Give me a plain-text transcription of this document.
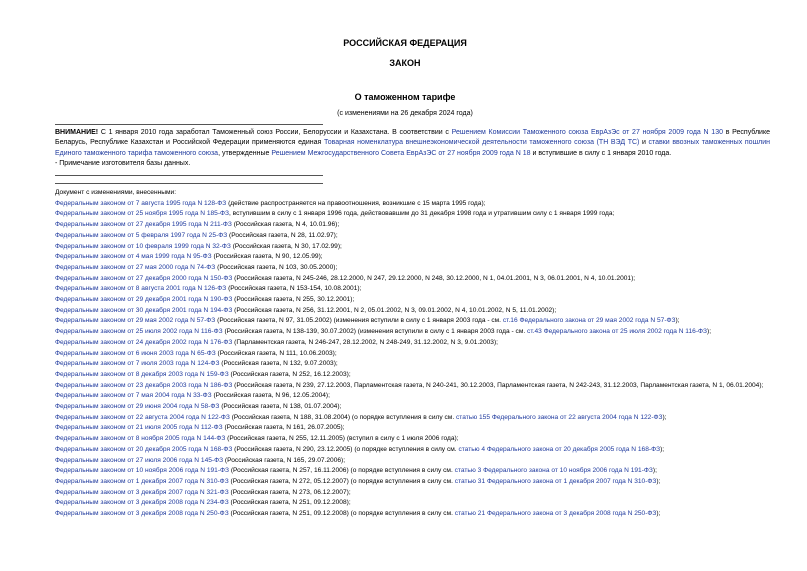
РОССИЙСКАЯ ФЕДЕРАЦИЯ
ЗАКОН
О таможенном тарифе
(с изменениями на 26 декабря 2024 года)
ВНИМАНИЕ! С 1 января 2010 года заработал Таможенный союз России, Белоруссии и Казахстана. В соответствии с Решением Комиссии Таможенного союза ЕврАзЭс от 27 ноября 2009 года N 130 в Республике Беларусь, Республике Казахстан и Российской Федерации применяются единая Товарная номенклатура внешнеэкономической деятельности таможенного союза (ТН ВЭД ТС) и ставки ввозных таможенных пошлин Единого таможенного тарифа таможенного союза, утвержденные Решением Межгосударственного Совета ЕврАзЭС от 27 ноября 2009 года N 18 и вступившие в силу с 1 января 2010 года.
- Примечание изготовителя базы данных.
Документ с изменениями, внесенными:
Федеральным законом от 7 августа 1995 года N 128-ФЗ (действие распространяется на правоотношения, возникшие с 15 марта 1995 года);
Федеральным законом от 25 ноября 1995 года N 185-ФЗ, вступившим в силу с 1 января 1996 года, действовавшим до 31 декабря 1998 года и утратившим силу с 1 января 1999 года;
Федеральным законом от 27 декабря 1995 года N 211-ФЗ (Российская газета, N 4, 10.01.96);
Федеральным законом от 5 февраля 1997 года N 25-ФЗ (Российская газета, N 28, 11.02.97);
Федеральным законом от 10 февраля 1999 года N 32-ФЗ (Российская газета, N 30, 17.02.99);
Федеральным законом от 4 мая 1999 года N 95-ФЗ (Российская газета, N 90, 12.05.99);
Федеральным законом от 27 мая 2000 года N 74-ФЗ (Российская газета, N 103, 30.05.2000);
Федеральным законом от 27 декабря 2000 года N 150-ФЗ (Российская газета, N 245-246, 28.12.2000, N 247, 29.12.2000, N 248, 30.12.2000, N 1, 04.01.2001, N 3, 06.01.2001, N 4, 10.01.2001);
Федеральным законом от 8 августа 2001 года N 126-ФЗ (Российская газета, N 153-154, 10.08.2001);
Федеральным законом от 29 декабря 2001 года N 190-ФЗ (Российская газета, N 255, 30.12.2001);
Федеральным законом от 30 декабря 2001 года N 194-ФЗ (Российская газета, N 256, 31.12.2001, N 2, 05.01.2002, N 3, 09.01.2002, N 4, 10.01.2002, N 5, 11.01.2002);
Федеральным законом от 29 мая 2002 года N 57-ФЗ (Российская газета, N 97, 31.05.2002) (изменения вступили в силу с 1 января 2003 года - см. ст.16 Федерального закона от 29 мая 2002 года N 57-ФЗ);
Федеральным законом от 25 июля 2002 года N 116-ФЗ (Российская газета, N 138-139, 30.07.2002) (изменения вступили в силу с 1 января 2003 года - см. ст.43 Федерального закона от 25 июля 2002 года N 116-ФЗ);
Федеральным законом от 24 декабря 2002 года N 176-ФЗ (Парламентская газета, N 246-247, 28.12.2002, N 248-249, 31.12.2002, N 3, 9.01.2003);
Федеральным законом от 6 июня 2003 года N 65-ФЗ (Российская газета, N 111, 10.06.2003);
Федеральным законом от 7 июля 2003 года N 124-ФЗ (Российская газета, N 132, 9.07.2003);
Федеральным законом от 8 декабря 2003 года N 159-ФЗ (Российская газета, N 252, 16.12.2003);
Федеральным законом от 23 декабря 2003 года N 186-ФЗ (Российская газета, N 239, 27.12.2003, Парламентская газета, N 240-241, 30.12.2003, Парламентская газета, N 242-243, 31.12.2003, Парламентская газета, N 1, 06.01.2004);
Федеральным законом от 7 мая 2004 года N 33-ФЗ (Российская газета, N 96, 12.05.2004);
Федеральным законом от 29 июня 2004 года N 58-ФЗ (Российская газета, N 138, 01.07.2004);
Федеральным законом от 22 августа 2004 года N 122-ФЗ (Российская газета, N 188, 31.08.2004) (о порядке вступления в силу см. статью 155 Федерального закона от 22 августа 2004 года N 122-ФЗ);
Федеральным законом от 21 июля 2005 года N 112-ФЗ (Российская газета, N 161, 26.07.2005);
Федеральным законом от 8 ноября 2005 года N 144-ФЗ (Российская газета, N 255, 12.11.2005) (вступил в силу с 1 июля 2006 года);
Федеральным законом от 20 декабря 2005 года N 168-ФЗ (Российская газета, N 290, 23.12.2005) (о порядке вступления в силу см. статью 4 Федерального закона от 20 декабря 2005 года N 168-ФЗ);
Федеральным законом от 27 июля 2006 года N 145-ФЗ (Российская газета, N 165, 29.07.2006);
Федеральным законом от 10 ноября 2006 года N 191-ФЗ (Российская газета, N 257, 16.11.2006) (о порядке вступления в силу см. статью 3 Федерального закона от 10 ноября 2006 года N 191-ФЗ);
Федеральным законом от 1 декабря 2007 года N 310-ФЗ (Российская газета, N 272, 05.12.2007) (о порядке вступления в силу см. статью 31 Федерального закона от 1 декабря 2007 года N 310-ФЗ);
Федеральным законом от 3 декабря 2007 года N 321-ФЗ (Российская газета, N 273, 06.12.2007);
Федеральным законом от 3 декабря 2008 года N 234-ФЗ (Российская газета, N 251, 09.12.2008);
Федеральным законом от 3 декабря 2008 года N 250-ФЗ (Российская газета, N 251, 09.12.2008) (о порядке вступления в силу см. статью 21 Федерального закона от 3 декабря 2008 года N 250-ФЗ);
